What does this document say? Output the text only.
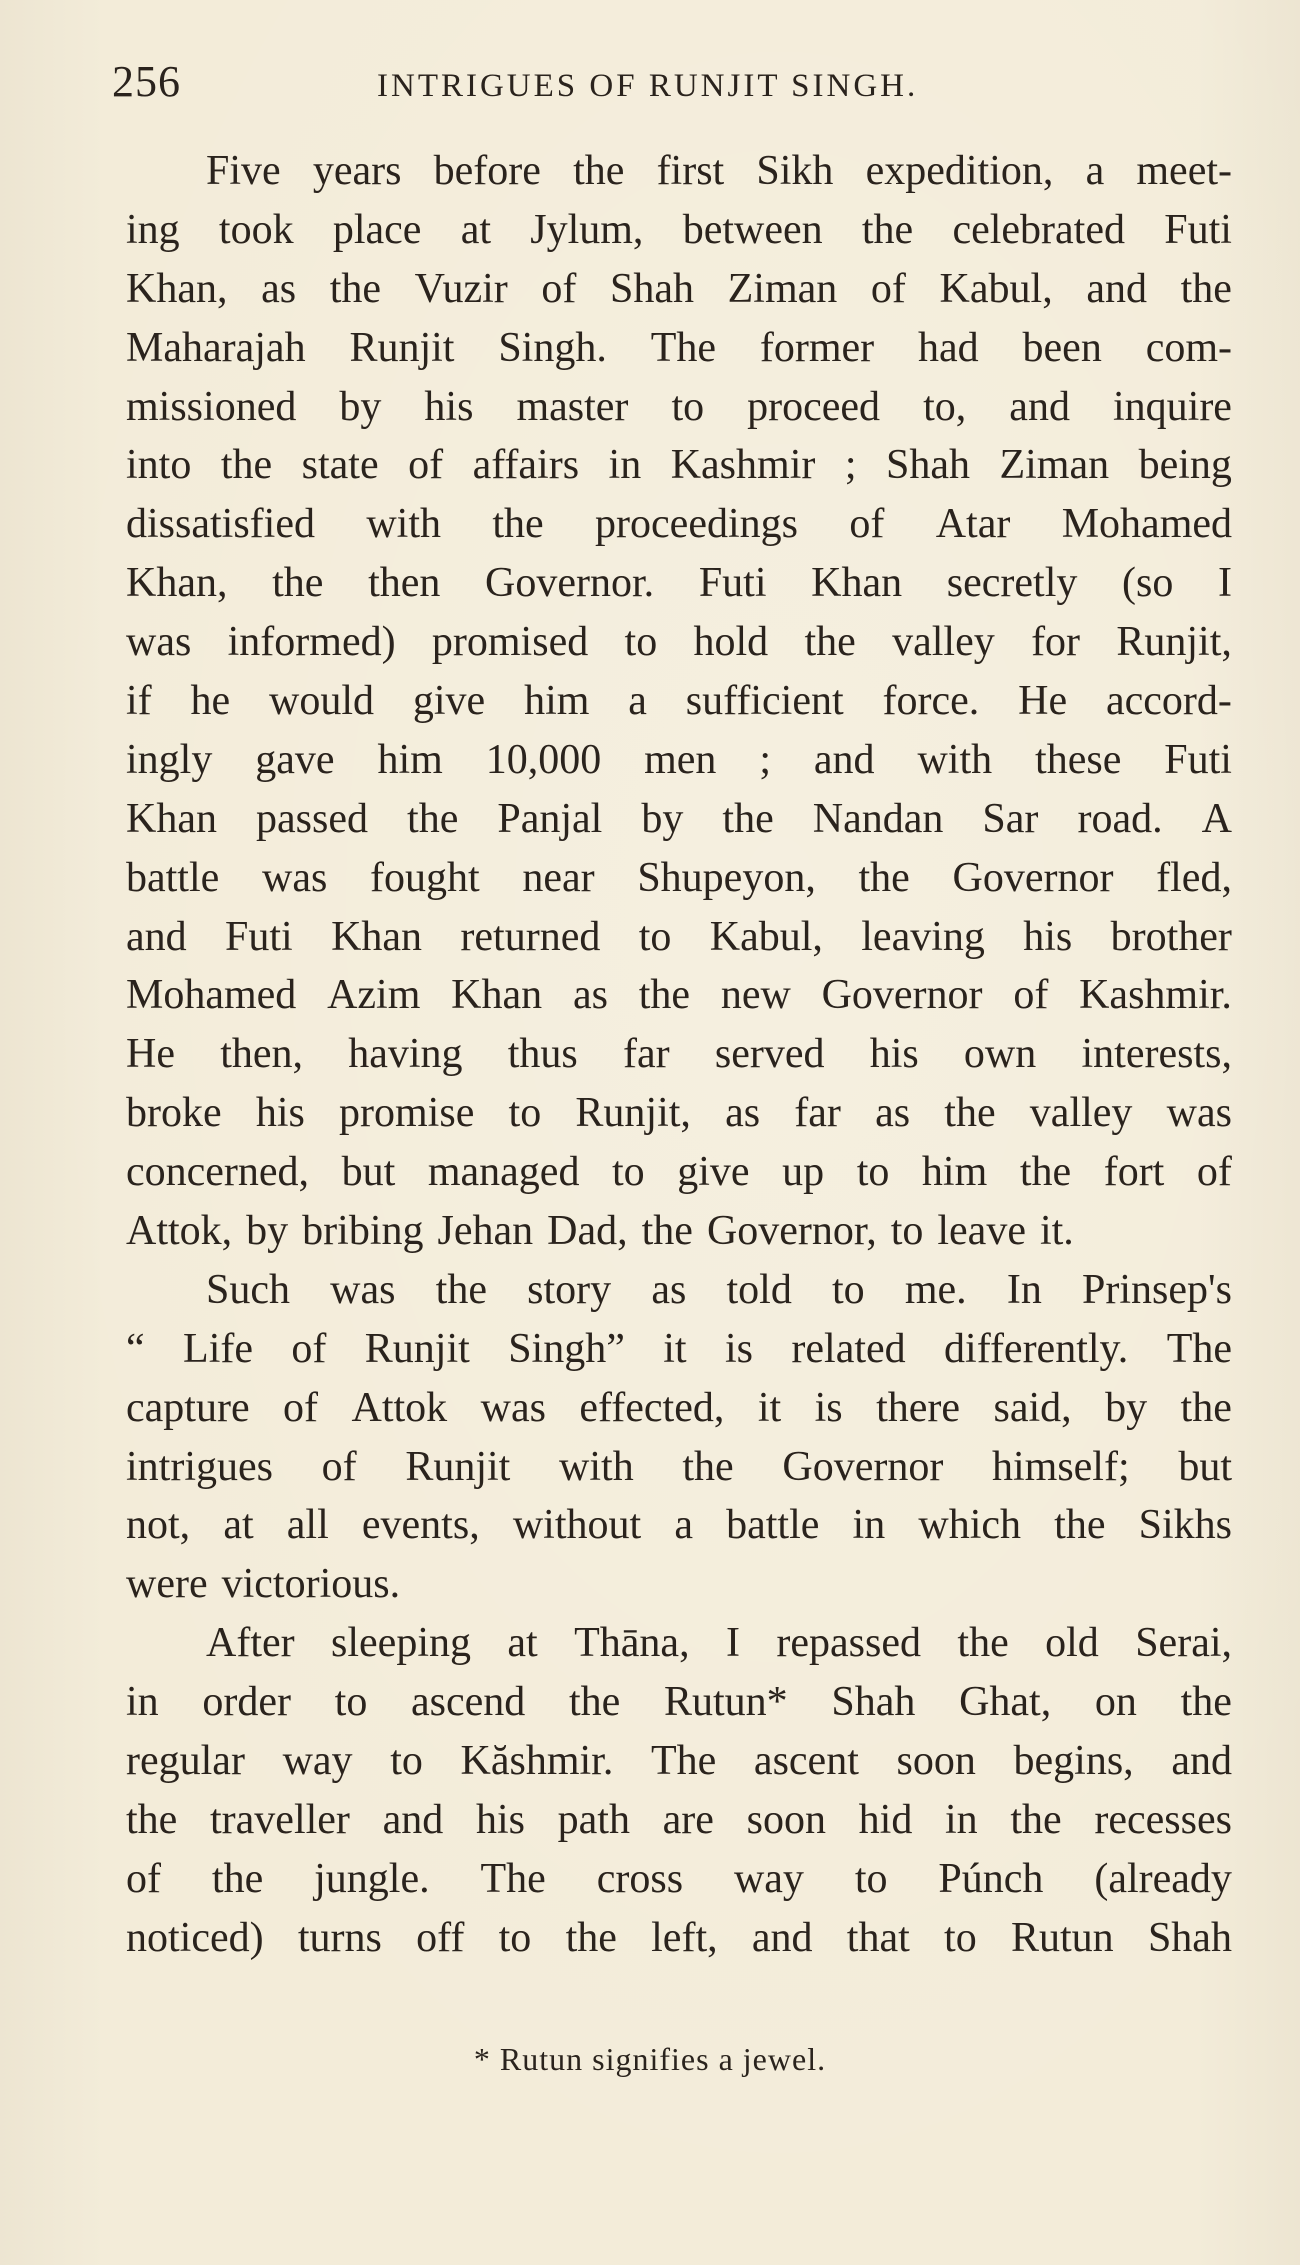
256	INTRIGUES OF RUNJIT SINGH.
Five years before the first Sikh expedition, a meet-
ing took place at Jylum, between the celebrated Futi
Khan, as the Vuzir of Shah Ziman of Kabul, and the
Maharajah Runjit Singh. The former had been com-
missioned by his master to proceed to, and inquire
into the state of affairs in Kashmir ; Shah Ziman being
dissatisfied with the proceedings of Atar Mohamed
Khan, the then Governor. Futi Khan secretly (so I
was informed) promised to hold the valley for Runjit,
if he would give him a sufficient force. He accord-
ingly gave him 10,000 men ; and with these Futi
Khan passed the Panjal by the Nandan Sar road. A
battle was fought near Shupeyon, the Governor fled,
and Futi Khan returned to Kabul, leaving his brother
Mohamed Azim Khan as the new Governor of Kashmir.
He then, having thus far served his own interests,
broke his promise to Runjit, as far as the valley was
concerned, but managed to give up to him the fort of
Attok, by bribing Jehan Dad, the Governor, to leave it.
Such was the story as told to me. In Prinsep's
“ Life of Runjit Singh” it is related differently. The
capture of Attok was effected, it is there said, by the
intrigues of Runjit with the Governor himself; but
not, at all events, without a battle in which the Sikhs
were victorious.
After sleeping at Thāna, I repassed the old Serai,
in order to ascend the Rutun* Shah Ghat, on the
regular way to Kăshmir. The ascent soon begins, and
the traveller and his path are soon hid in the recesses
of the jungle. The cross way to Púnch (already
noticed) turns off to the left, and that to Rutun Shah
* Rutun signifies a jewel.
